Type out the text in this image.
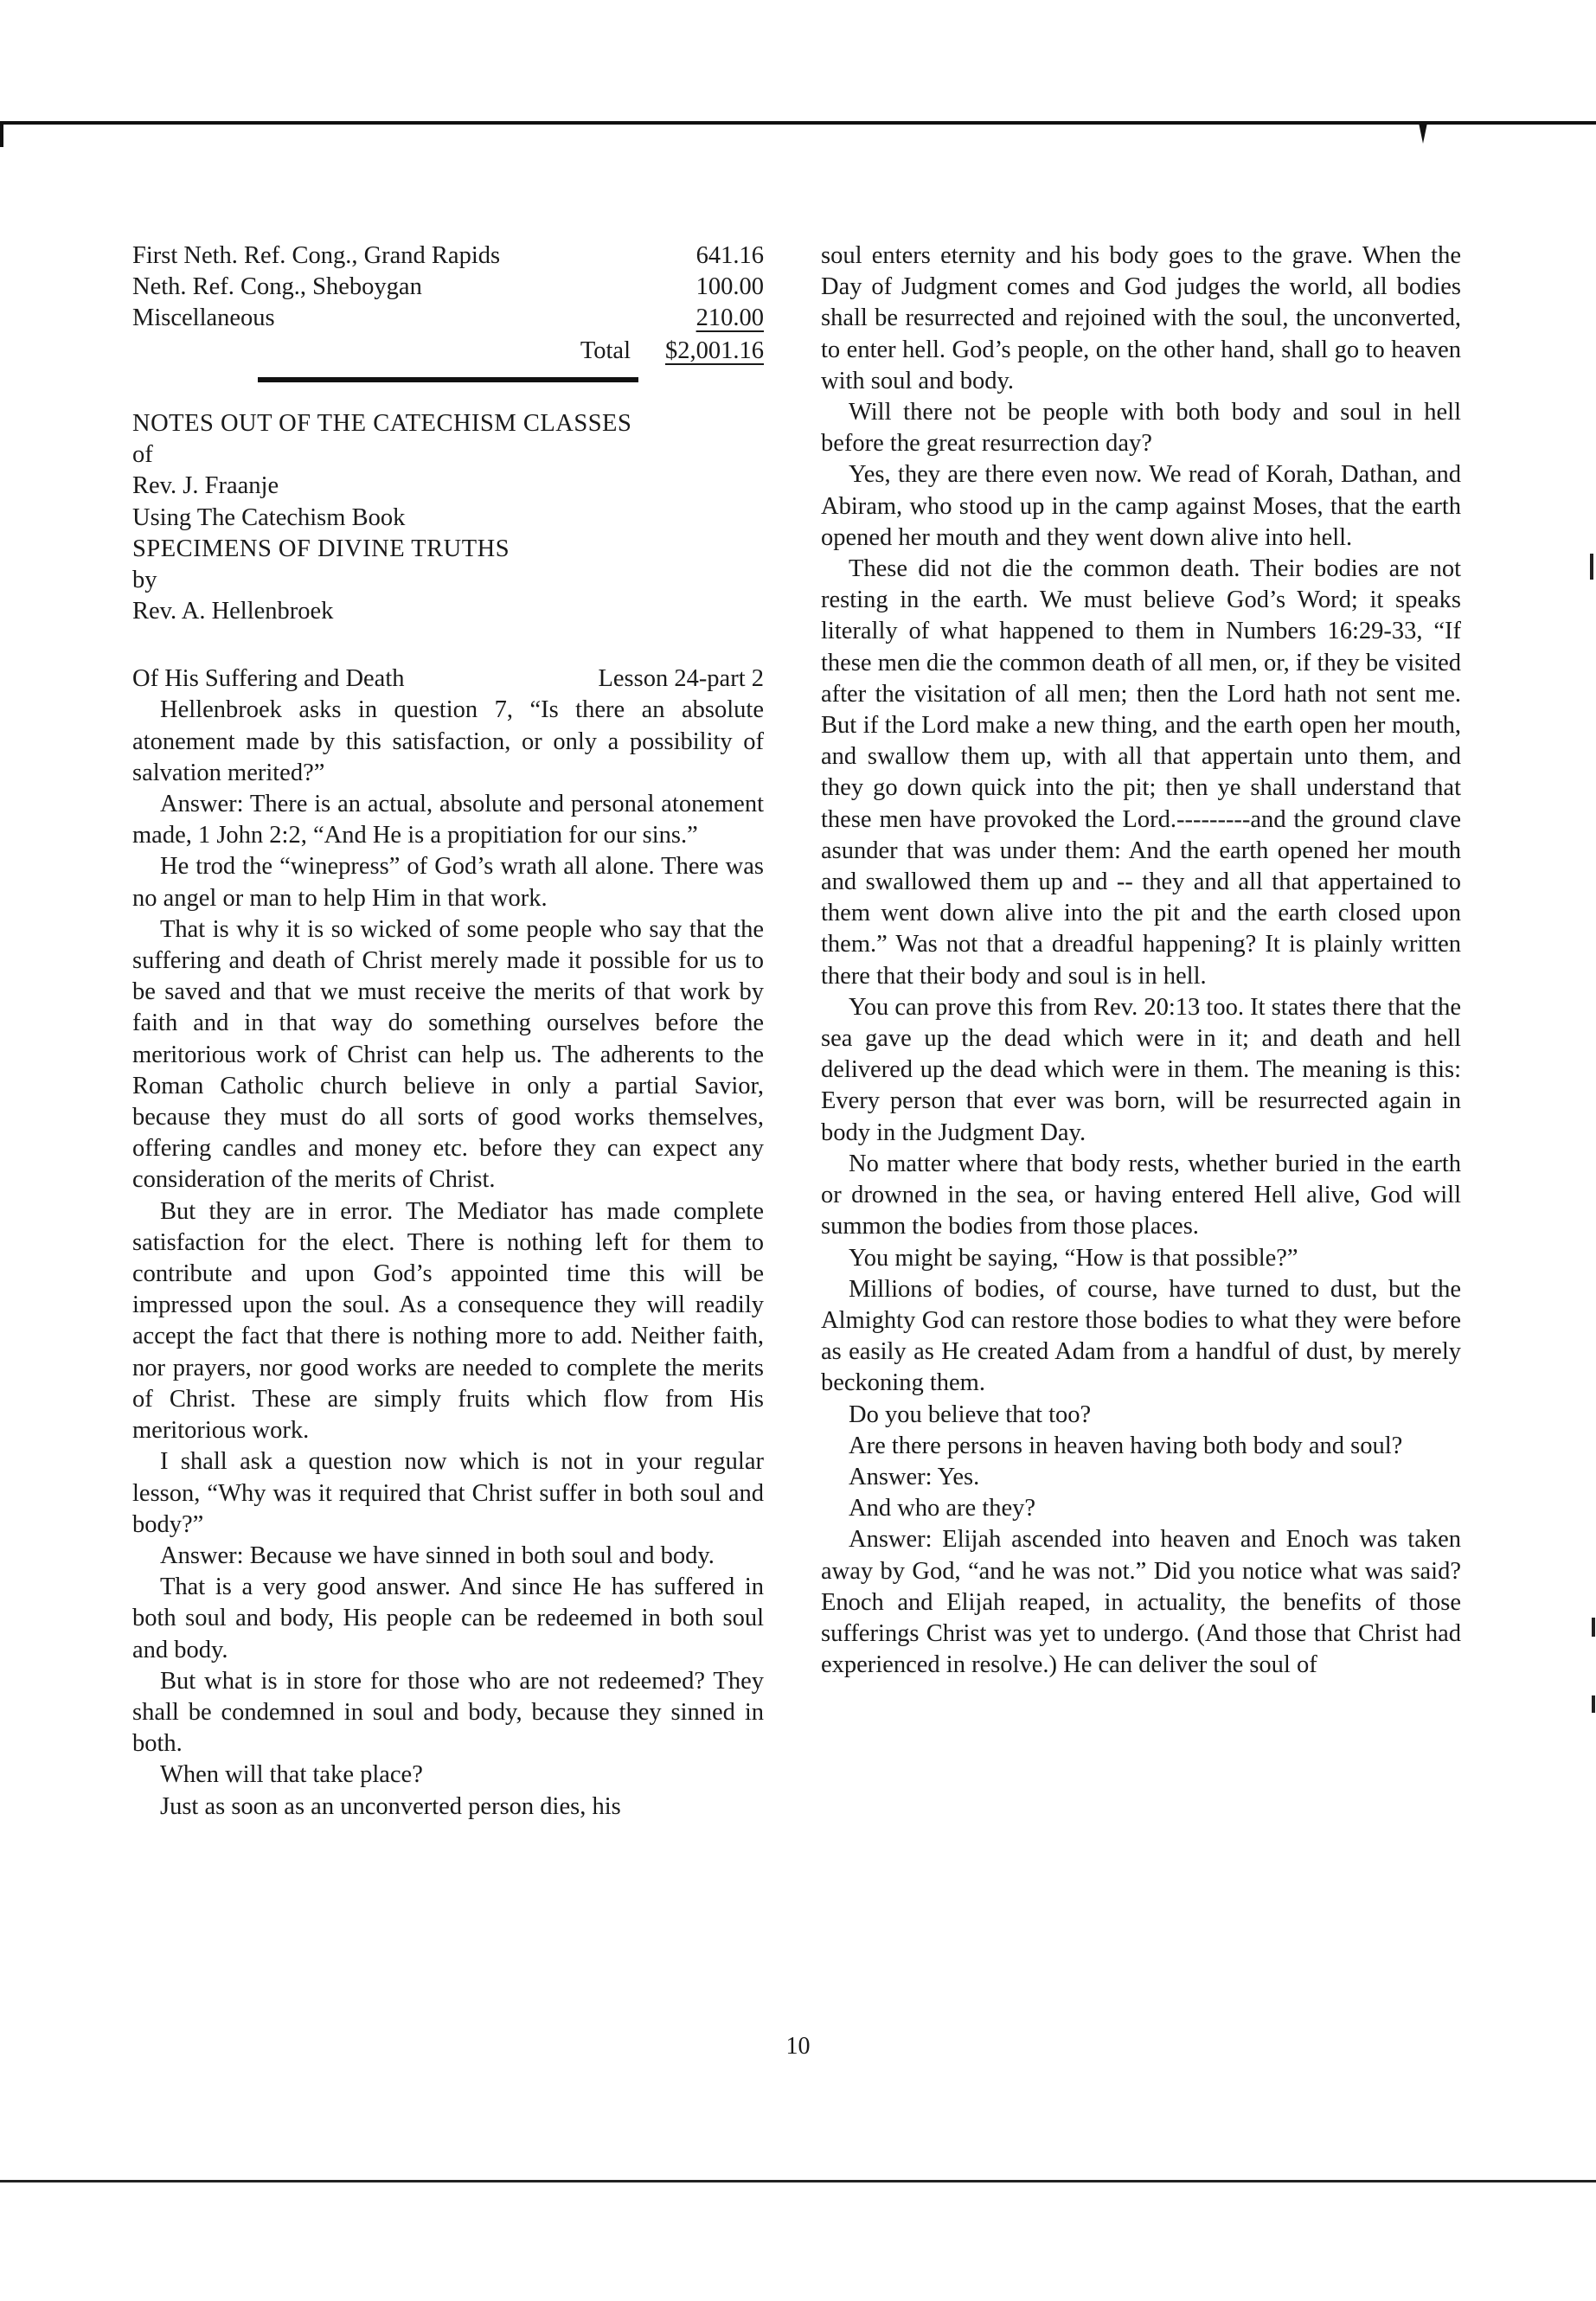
First Neth. Ref. Cong., Grand Rapids	641.16
Neth. Ref. Cong., Sheboygan	100.00
Miscellaneous	210.00
Total $2,001.16

NOTES OUT OF THE CATECHISM CLASSES

of

Rev. J. Fraanje

Using The Catechism Book

SPECIMENS OF DIVINE TRUTHS

by

Rev. A. Hellenbroek

Of His Suffering and Death	Lesson 24-part 2

Hellenbroek asks in question 7, “Is there an absolute atonement made by this satisfaction, or only a possibility of salvation merited?”

Answer: There is an actual, absolute and personal atonement made, 1 John 2:2, “And He is a propitiation for our sins.”

He trod the “winepress” of God’s wrath all alone. There was no angel or man to help Him in that work.

That is why it is so wicked of some people who say that the suffering and death of Christ merely made it possible for us to be saved and that we must receive the merits of that work by faith and in that way do something ourselves before the meritorious work of Christ can help us. The adherents to the Roman Catholic church believe in only a partial Savior, because they must do all sorts of good works themselves, offering candles and money etc. before they can expect any consideration of the merits of Christ.

But they are in error. The Mediator has made complete satisfaction for the elect. There is nothing left for them to contribute and upon God’s appointed time this will be impressed upon the soul. As a consequence they will readily accept the fact that there is nothing more to add. Neither faith, nor prayers, nor good works are needed to complete the merits of Christ. These are simply fruits which flow from His meritorious work.

I shall ask a question now which is not in your regular lesson, “Why was it required that Christ suffer in both soul and body?”

Answer: Because we have sinned in both soul and body.

That is a very good answer. And since He has suffered in both soul and body, His people can be redeemed in both soul and body.

But what is in store for those who are not redeemed? They shall be condemned in soul and body, because they sinned in both.

When will that take place?

Just as soon as an unconverted person dies, his

soul enters eternity and his body goes to the grave. When the Day of Judgment comes and God judges the world, all bodies shall be resurrected and rejoined with the soul, the unconverted, to enter hell. God’s people, on the other hand, shall go to heaven with soul and body.

Will there not be people with both body and soul in hell before the great resurrection day?

Yes, they are there even now. We read of Korah, Dathan, and Abiram, who stood up in the camp against Moses, that the earth opened her mouth and they went down alive into hell.

These did not die the common death. Their bodies are not resting in the earth. We must believe God’s Word; it speaks literally of what happened to them in Numbers 16:29-33, “If these men die the common death of all men, or, if they be visited after the visitation of all men; then the Lord hath not sent me. But if the Lord make a new thing, and the earth open her mouth, and swallow them up, with all that appertain unto them, and they go down quick into the pit; then ye shall understand that these men have provoked the Lord.---------and the ground clave asunder that was under them: And the earth opened her mouth and swallowed them up and -- they and all that appertained to them went down alive into the pit and the earth closed upon them.” Was not that a dreadful happening? It is plainly written there that their body and soul is in hell.

You can prove this from Rev. 20:13 too. It states there that the sea gave up the dead which were in it; and death and hell delivered up the dead which were in them. The meaning is this: Every person that ever was born, will be resurrected again in body in the Judgment Day.

No matter where that body rests, whether buried in the earth or drowned in the sea, or having entered Hell alive, God will summon the bodies from those places.

You might be saying, “How is that possible?”

Millions of bodies, of course, have turned to dust, but the Almighty God can restore those bodies to what they were before as easily as He created Adam from a handful of dust, by merely beckoning them.

Do you believe that too?

Are there persons in heaven having both body and soul?

Answer: Yes.

And who are they?

Answer: Elijah ascended into heaven and Enoch was taken away by God, “and he was not.” Did you notice what was said? Enoch and Elijah reaped, in actuality, the benefits of those sufferings Christ was yet to undergo. (And those that Christ had experienced in resolve.) He can deliver the soul of

10
